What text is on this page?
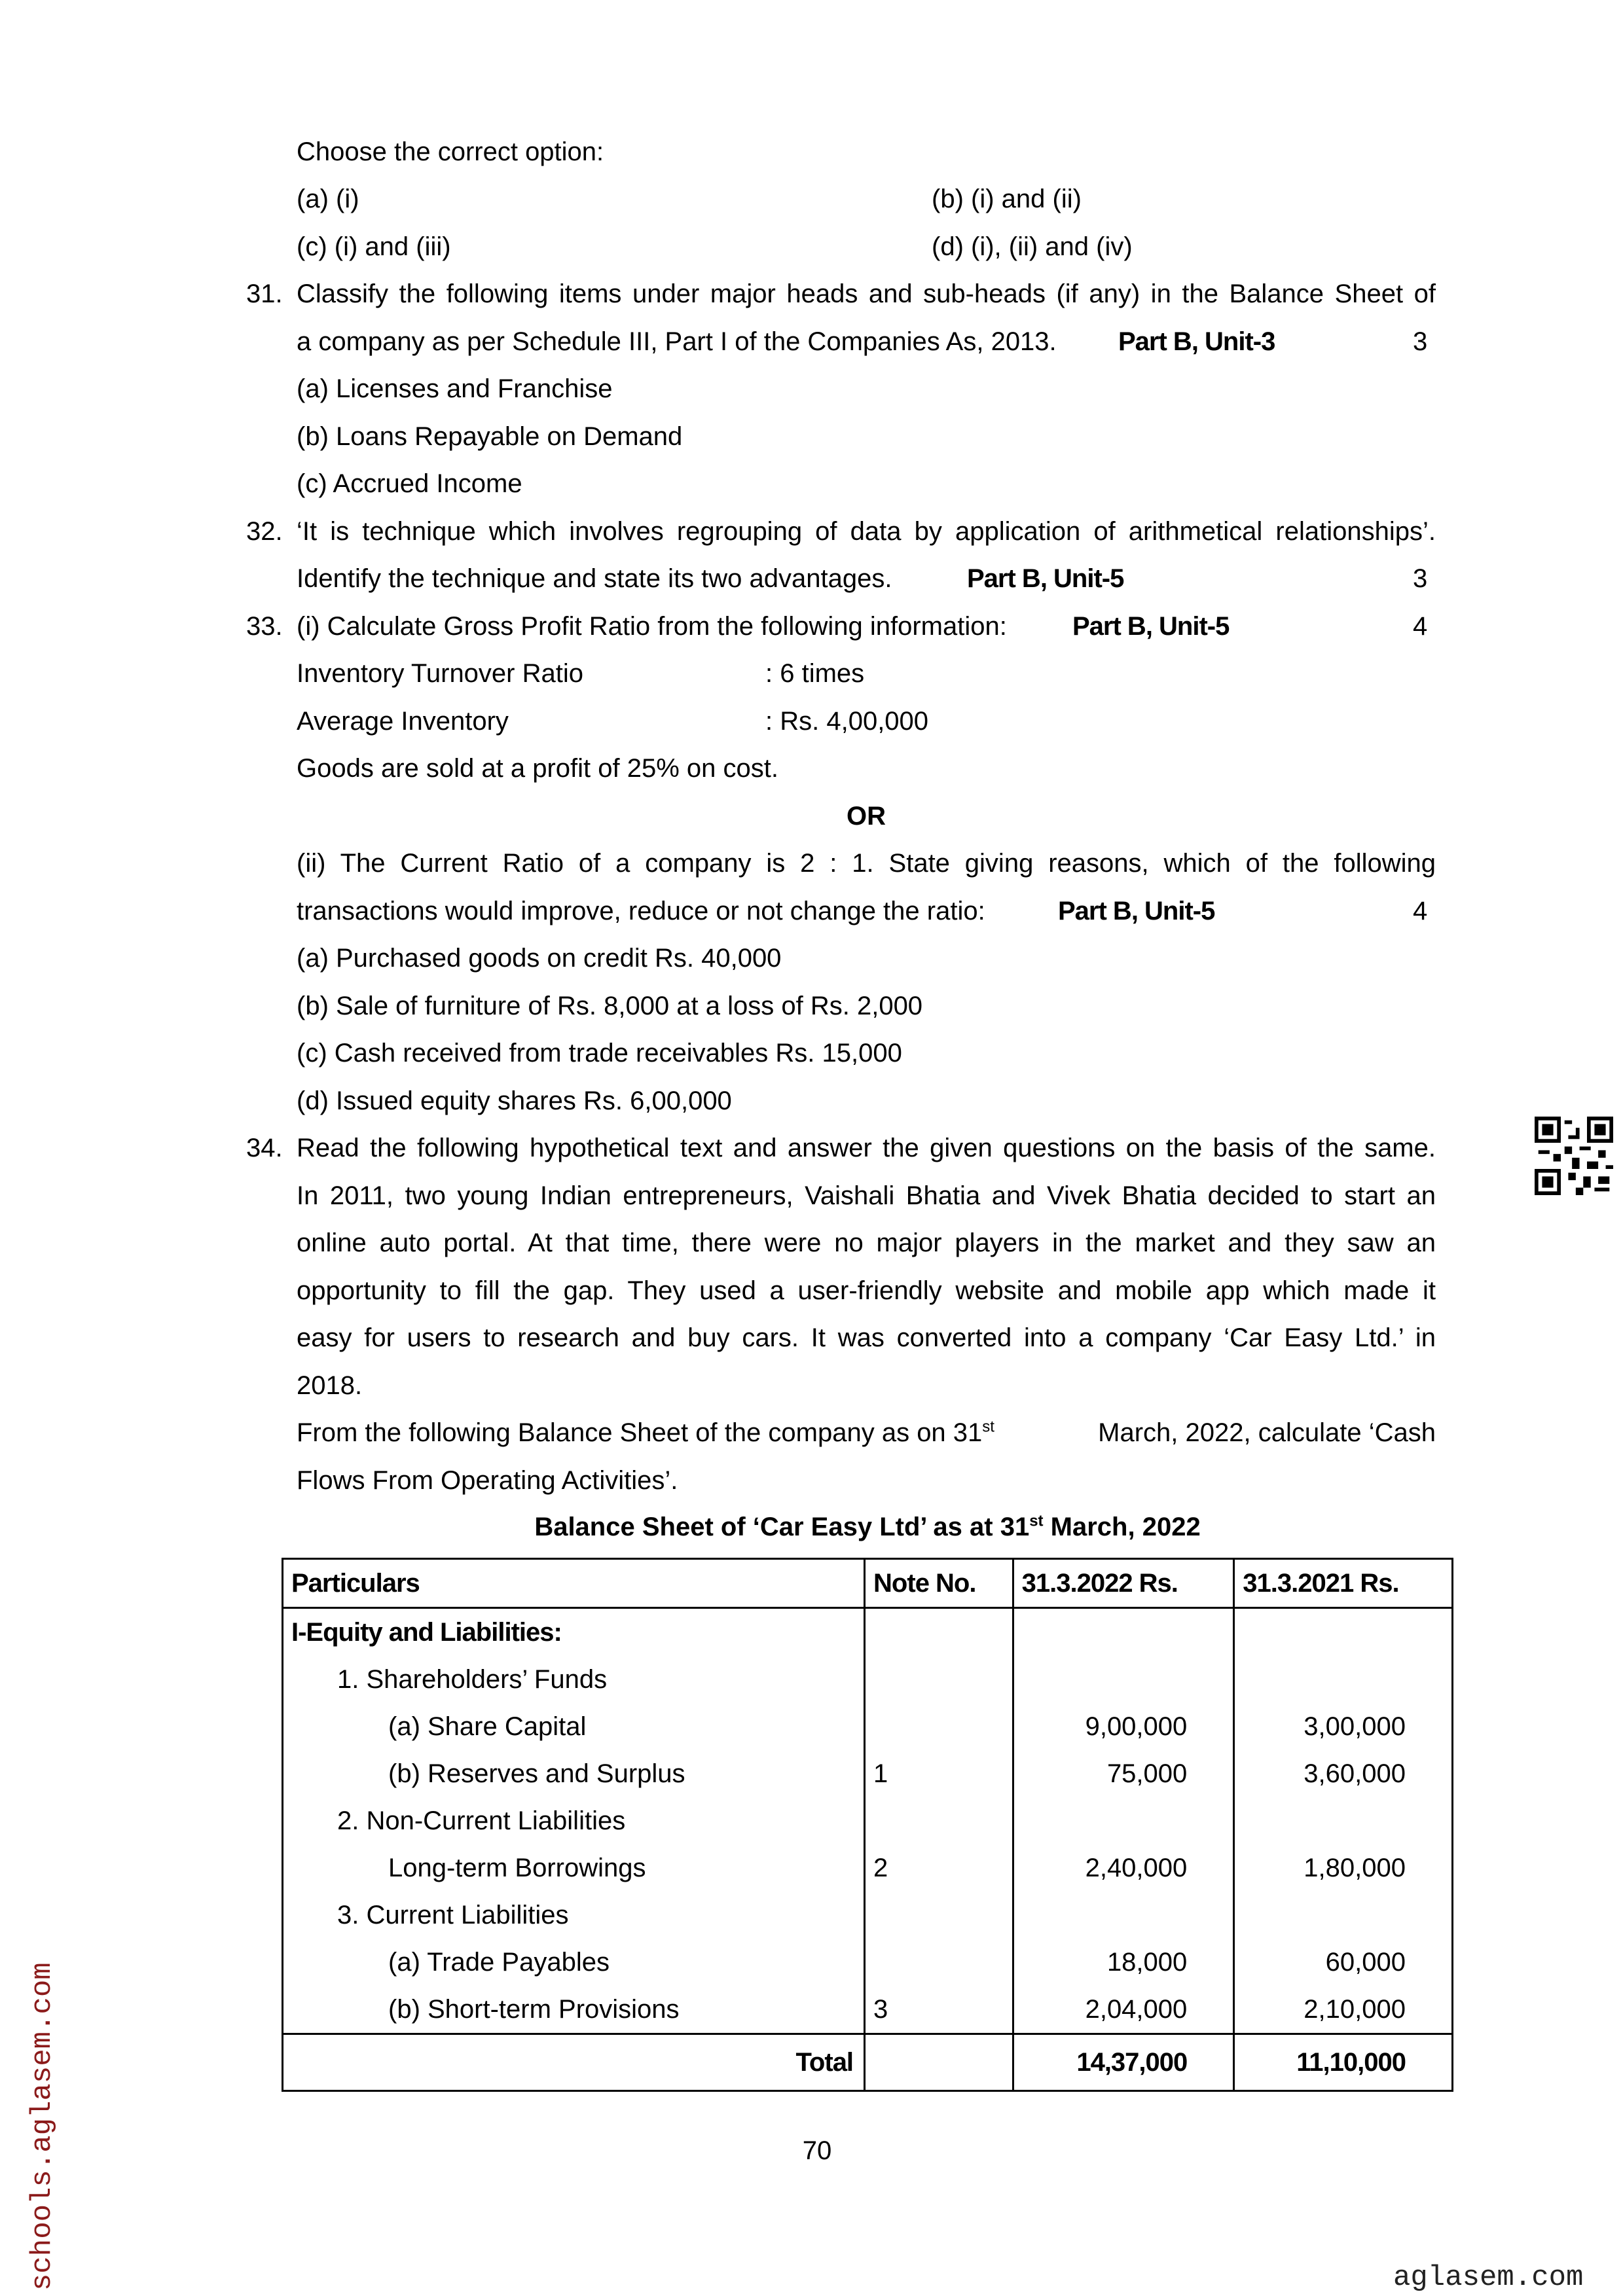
Choose the correct option:
(a) (i)	(b) (i) and (ii)
(c) (i) and (iii)	(d) (i), (ii) and (iv)
31. Classify the following items under major heads and sub-heads (if any) in the Balance Sheet of
a company as per Schedule III, Part I of the Companies As, 2013.	Part B, Unit-3	3
(a) Licenses and Franchise
(b) Loans Repayable on Demand
(c) Accrued Income
32. ‘It is technique which involves regrouping of data by application of arithmetical relationships’.
Identify the technique and state its two advantages.	Part B, Unit-5	3
33. (i) Calculate Gross Profit Ratio from the following information:	Part B, Unit-5	4
Inventory Turnover Ratio	: 6 times
Average Inventory	: Rs. 4,00,000
Goods are sold at a profit of 25% on cost.
OR
(ii) The Current Ratio of a company is 2 : 1. State giving reasons, which of the following
transactions would improve, reduce or not change the ratio:	Part B, Unit-5	4
(a) Purchased goods on credit Rs. 40,000
(b) Sale of furniture of Rs. 8,000 at a loss of Rs. 2,000
(c) Cash received from trade receivables Rs. 15,000
(d) Issued equity shares Rs. 6,00,000
34. Read the following hypothetical text and answer the given questions on the basis of the same.
In 2011, two young Indian entrepreneurs, Vaishali Bhatia and Vivek Bhatia decided to start an
online auto portal. At that time, there were no major players in the market and they saw an
opportunity to fill the gap. They used a user-friendly website and mobile app which made it
easy for users to research and buy cars. It was converted into a company ‘Car Easy Ltd.’ in
2018.
From the following Balance Sheet of the company as on 31st	March, 2022, calculate ‘Cash
Flows From Operating Activities’.
Balance Sheet of ‘Car Easy Ltd’ as at 31st March, 2022
Particulars	Note No.	31.3.2022 Rs.	31.3.2021 Rs.
I-Equity and Liabilities:			
1. Shareholders’ Funds			
(a) Share Capital		9,00,000	3,00,000
(b) Reserves and Surplus	1	75,000	3,60,000
2. Non-Current Liabilities			
Long-term Borrowings	2	2,40,000	1,80,000
3. Current Liabilities			
(a) Trade Payables		18,000	60,000
(b) Short-term Provisions	3	2,04,000	2,10,000
Total		14,37,000	11,10,000
70
schools.aglasem.com	aglasem.com
